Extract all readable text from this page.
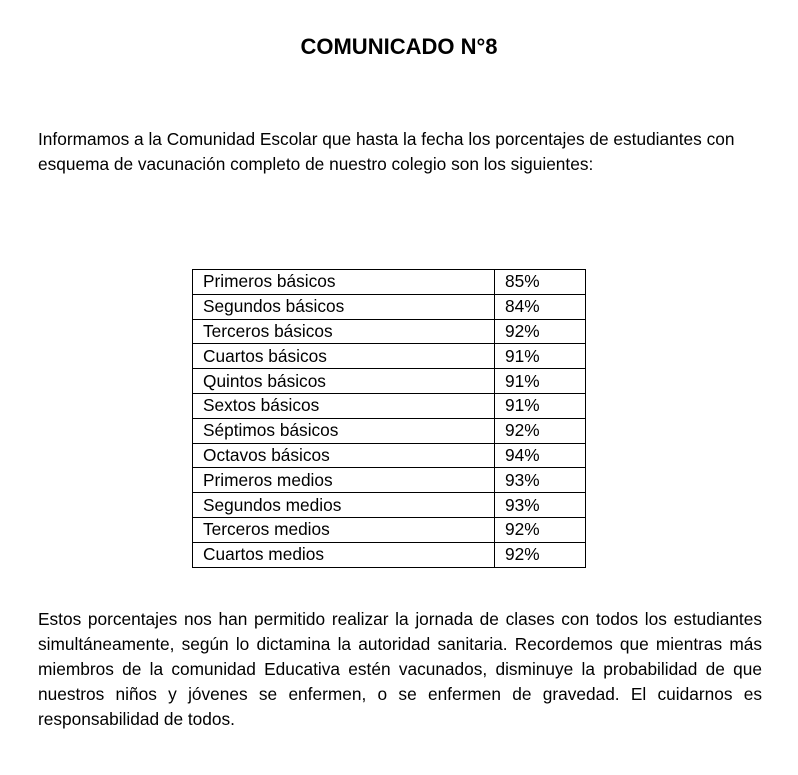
COMUNICADO N°8

Informamos a la Comunidad Escolar que hasta la fecha los porcentajes de estudiantes con esquema de vacunación completo de nuestro colegio son los siguientes:

Primeros básicos	85%
Segundos básicos	84%
Terceros básicos	92%
Cuartos básicos	91%
Quintos básicos	91%
Sextos básicos	91%
Séptimos básicos	92%
Octavos básicos	94%
Primeros medios	93%
Segundos medios	93%
Terceros medios	92%
Cuartos medios	92%

Estos porcentajes nos han permitido realizar la jornada de clases con todos los estudiantes simultáneamente, según lo dictamina la autoridad sanitaria. Recordemos que mientras más miembros de la comunidad Educativa estén vacunados, disminuye la probabilidad de que nuestros niños y jóvenes se enfermen, o se enfermen de gravedad. El cuidarnos es responsabilidad de todos.
